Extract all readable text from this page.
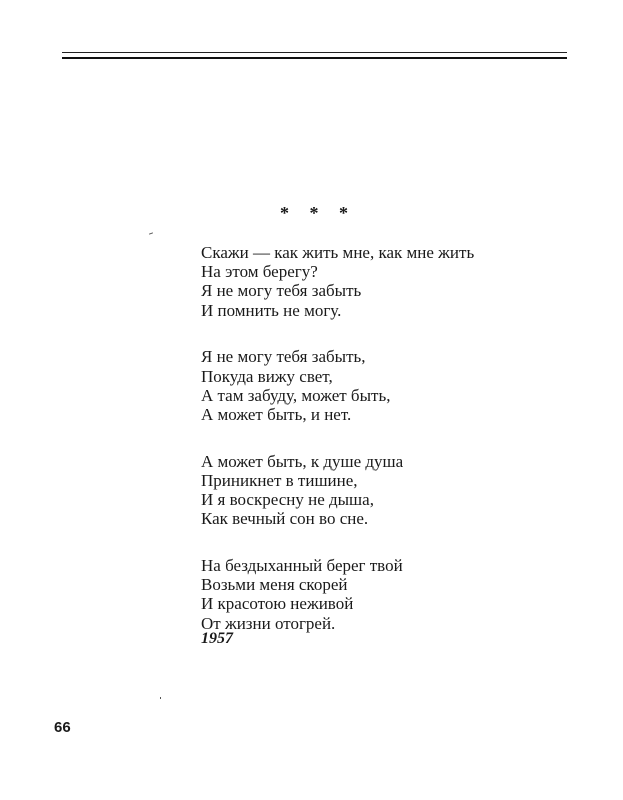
* * *
Скажи — как жить мне, как мне жить
На этом берегу?
Я не могу тебя забыть
И помнить не могу.
Я не могу тебя забыть,
Покуда вижу свет,
А там забуду, может быть,
А может быть, и нет.
А может быть, к душе душа
Приникнет в тишине,
И я воскресну не дыша,
Как вечный сон во сне.
На бездыханный берег твой
Возьми меня скорей
И красотою неживой
От жизни отогрей.
1957
66
